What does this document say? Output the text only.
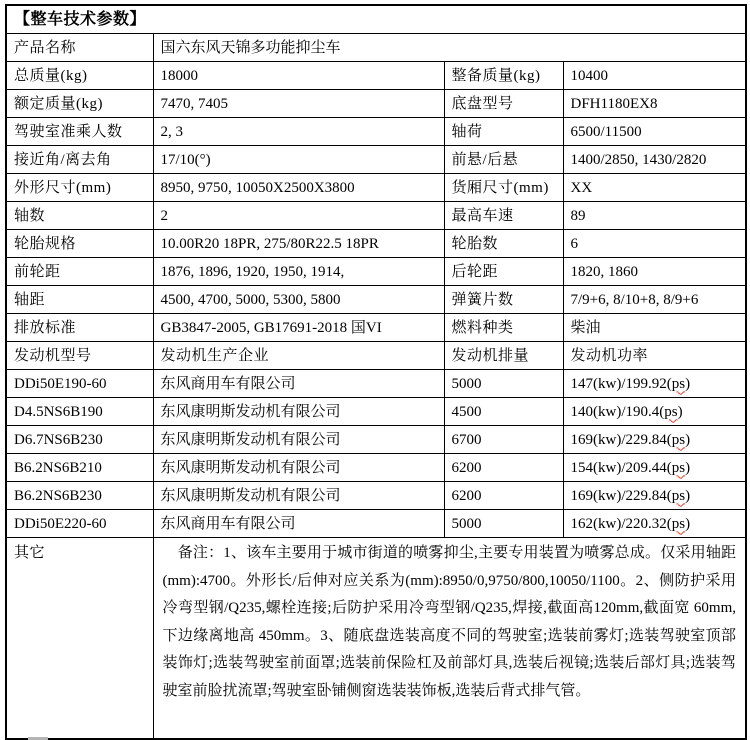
【整车技术参数】			
产品名称	国六东风天锦多功能抑尘车		
总质量(kg)	18000	整备质量(kg)	10400
额定质量(kg)	7470, 7405	底盘型号	DFH1180EX8
驾驶室准乘人数	2, 3	轴荷	6500/11500
接近角/离去角	17/10(°)	前悬/后悬	1400/2850, 1430/2820
外形尺寸(mm)	8950, 9750, 10050X2500X3800	货厢尺寸(mm)	XX
轴数	2	最高车速	89
轮胎规格	10.00R20 18PR, 275/80R22.5 18PR	轮胎数	6
前轮距	1876, 1896, 1920, 1950, 1914,	后轮距	1820, 1860
轴距	4500, 4700, 5000, 5300, 5800	弹簧片数	7/9+6, 8/10+8, 8/9+6
排放标准	GB3847-2005, GB17691-2018 国VI	燃料种类	柴油
发动机型号	发动机生产企业	发动机排量	发动机功率
DDi50E190-60	东风商用车有限公司	5000	147(kw)/199.92(ps)
D4.5NS6B190	东风康明斯发动机有限公司	4500	140(kw)/190.4(ps)
D6.7NS6B230	东风康明斯发动机有限公司	6700	169(kw)/229.84(ps)
B6.2NS6B210	东风康明斯发动机有限公司	6200	154(kw)/209.44(ps)
B6.2NS6B230	东风康明斯发动机有限公司	6200	169(kw)/229.84(ps)
DDi50E220-60	东风商用车有限公司	5000	162(kw)/220.32(ps)
其它	　备注：1、该车主要用于城市街道的喷雾抑尘,主要专用装置为喷雾总成。仅采用轴距(mm):4700。外形长/后伸对应关系为(mm):8950/0,9750/800,10050/1100。2、侧防护采用冷弯型钢/Q235,螺栓连接;后防护采用冷弯型钢/Q235,焊接,截面高120mm,截面宽 60mm,下边缘离地高 450mm。3、随底盘选装高度不同的驾驶室;选装前雾灯;选装驾驶室顶部装饰灯;选装驾驶室前面罩;选装前保险杠及前部灯具,选装后视镜;选装后部灯具;选装驾驶室前脸扰流罩;驾驶室卧铺侧窗选装装饰板,选装后背式排气管。		
